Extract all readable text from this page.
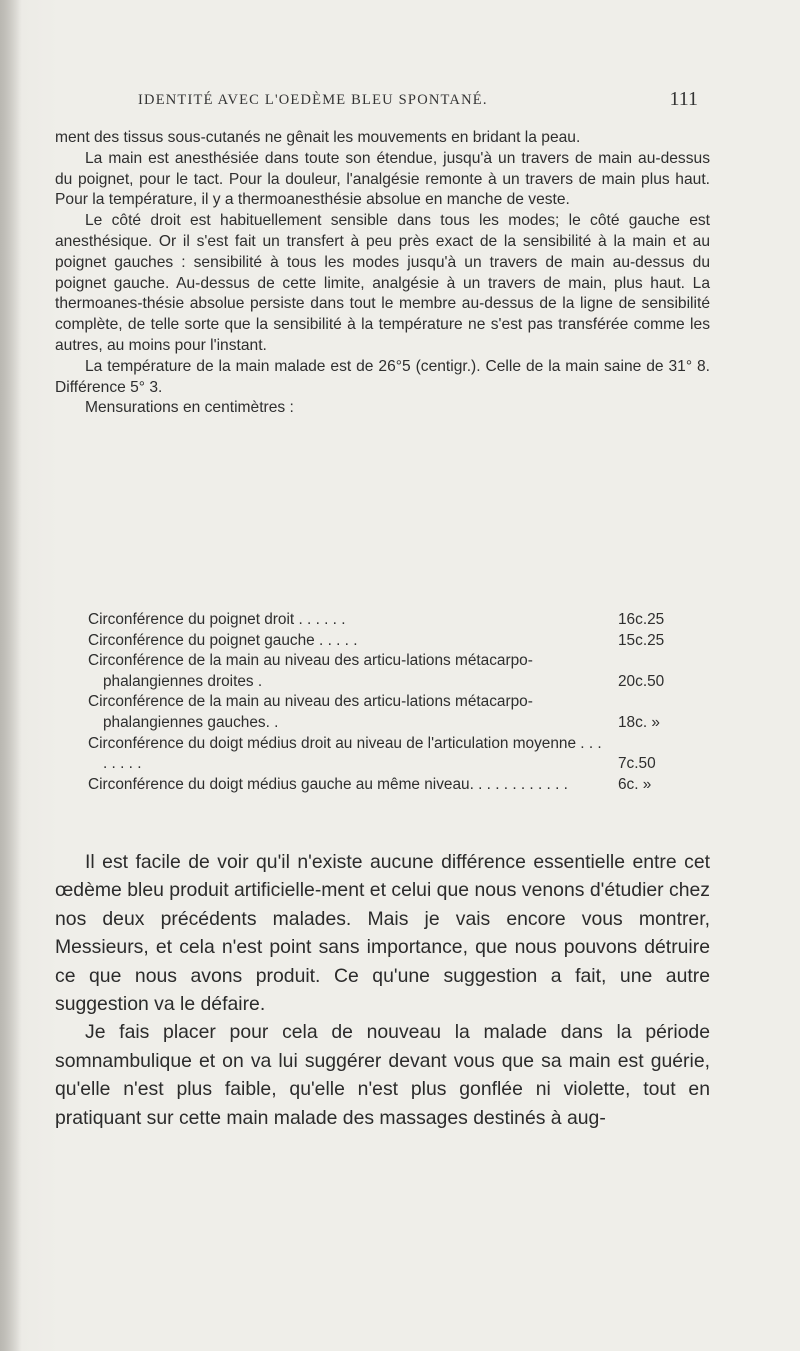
IDENTITÉ AVEC L'OEDÈME BLEU SPONTANÉ.	111

ment des tissus sous-cutanés ne gênait les mouvements en bridant la peau.

La main est anesthésiée dans toute son étendue, jusqu'à un travers de main au-dessus du poignet, pour le tact. Pour la douleur, l'analgésie remonte à un travers de main plus haut. Pour la température, il y a thermoanesthésie absolue en manche de veste.

Le côté droit est habituellement sensible dans tous les modes; le côté gauche est anesthésique. Or il s'est fait un transfert à peu près exact de la sensibilité à la main et au poignet gauches : sensibilité à tous les modes jusqu'à un travers de main au-dessus du poignet gauche. Au-dessus de cette limite, analgésie à un travers de main, plus haut. La thermoanes-thésie absolue persiste dans tout le membre au-dessus de la ligne de sensibilité complète, de telle sorte que la sensibilité à la température ne s'est pas transférée comme les autres, au moins pour l'instant.

La température de la main malade est de 26°5 (centigr.). Celle de la main saine de 31° 8. Différence 5° 3.

Mensurations en centimètres :

Circonférence du poignet droit . . . . . .	16c.25
Circonférence du poignet gauche . . . . .	15c.25
Circonférence de la main au niveau des articu-lations métacarpo-phalangiennes droites .	20c.50
Circonférence de la main au niveau des articu-lations métacarpo-phalangiennes gauches. .	18c. »
Circonférence du doigt médius droit au niveau de l'articulation moyenne . . . . . . . .	7c.50
Circonférence du doigt médius gauche au même niveau. . . . . . . . . . . .	6c. »

Il est facile de voir qu'il n'existe aucune différence essentielle entre cet œdème bleu produit artificielle-ment et celui que nous venons d'étudier chez nos deux précédents malades. Mais je vais encore vous montrer, Messieurs, et cela n'est point sans importance, que nous pouvons détruire ce que nous avons produit. Ce qu'une suggestion a fait, une autre suggestion va le défaire.

Je fais placer pour cela de nouveau la malade dans la période somnambulique et on va lui suggérer devant vous que sa main est guérie, qu'elle n'est plus faible, qu'elle n'est plus gonflée ni violette, tout en pratiquant sur cette main malade des massages destinés à aug-
